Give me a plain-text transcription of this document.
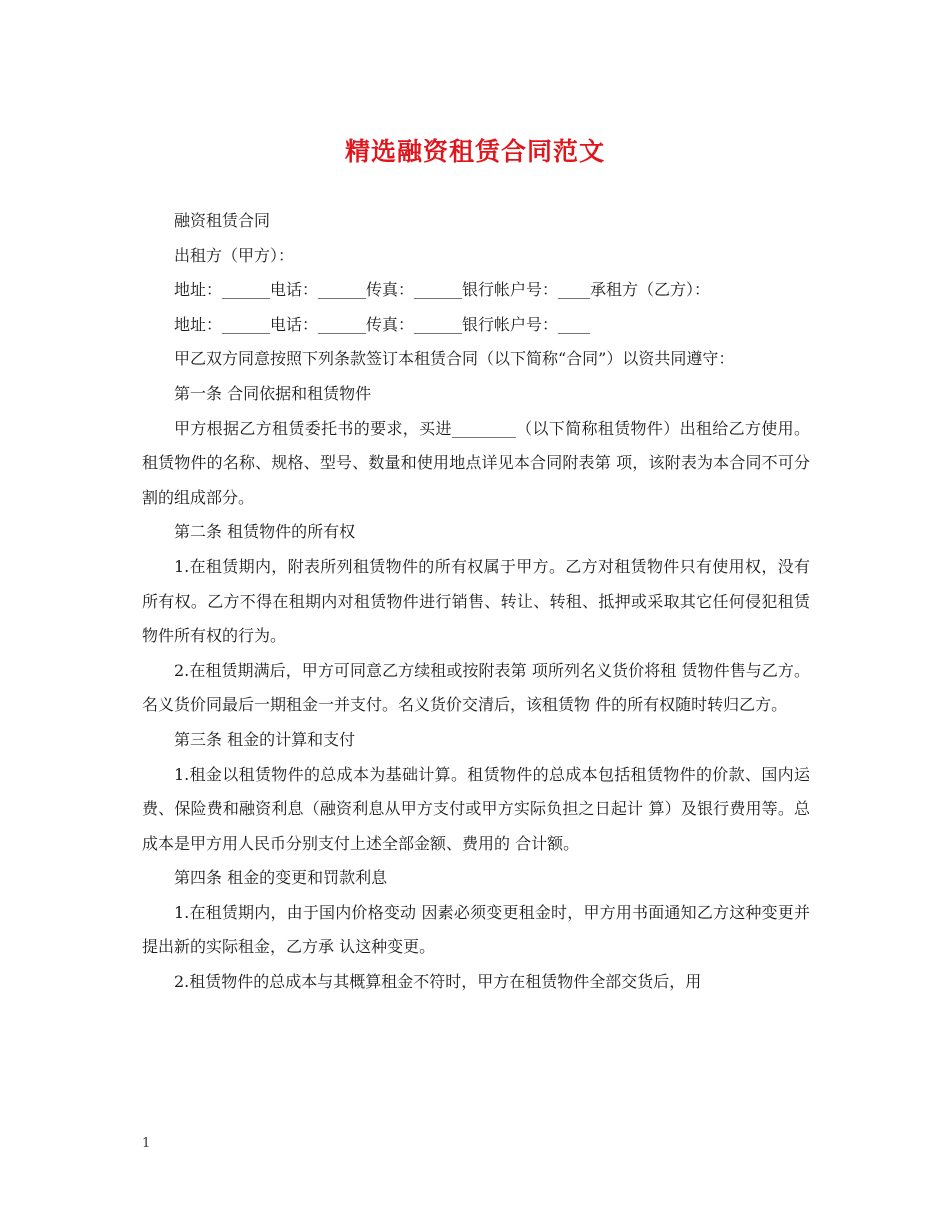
精选融资租赁合同范文

融资租赁合同

出租方（甲方）：

地址：______电话：______传真：______银行帐户号：____承租方（乙方）：

地址：______电话：______传真：______银行帐户号：____

甲乙双方同意按照下列条款签订本租赁合同（以下简称“合同”）以资共同遵守：

第一条 合同依据和租赁物件

甲方根据乙方租赁委托书的要求，买进________（以下简称租赁物件）出租给乙方使用。租赁物件的名称、规格、型号、数量和使用地点详见本合同附表第 项，该附表为本合同不可分割的组成部分。

第二条 租赁物件的所有权

1.在租赁期内，附表所列租赁物件的所有权属于甲方。乙方对租赁物件只有使用权，没有所有权。乙方不得在租期内对租赁物件进行销售、转让、转租、抵押或采取其它任何侵犯租赁物件所有权的行为。

2.在租赁期满后，甲方可同意乙方续租或按附表第 项所列名义货价将租 赁物件售与乙方。名义货价同最后一期租金一并支付。名义货价交清后，该租赁物 件的所有权随时转归乙方。

第三条 租金的计算和支付

1.租金以租赁物件的总成本为基础计算。租赁物件的总成本包括租赁物件的价款、国内运费、保险费和融资利息（融资利息从甲方支付或甲方实际负担之日起计 算）及银行费用等。总成本是甲方用人民币分别支付上述全部金额、费用的 合计额。

第四条 租金的变更和罚款利息

1.在租赁期内，由于国内价格变动 因素必须变更租金时，甲方用书面通知乙方这种变更并提出新的实际租金，乙方承 认这种变更。

2.租赁物件的总成本与其概算租金不符时，甲方在租赁物件全部交货后，用

1
